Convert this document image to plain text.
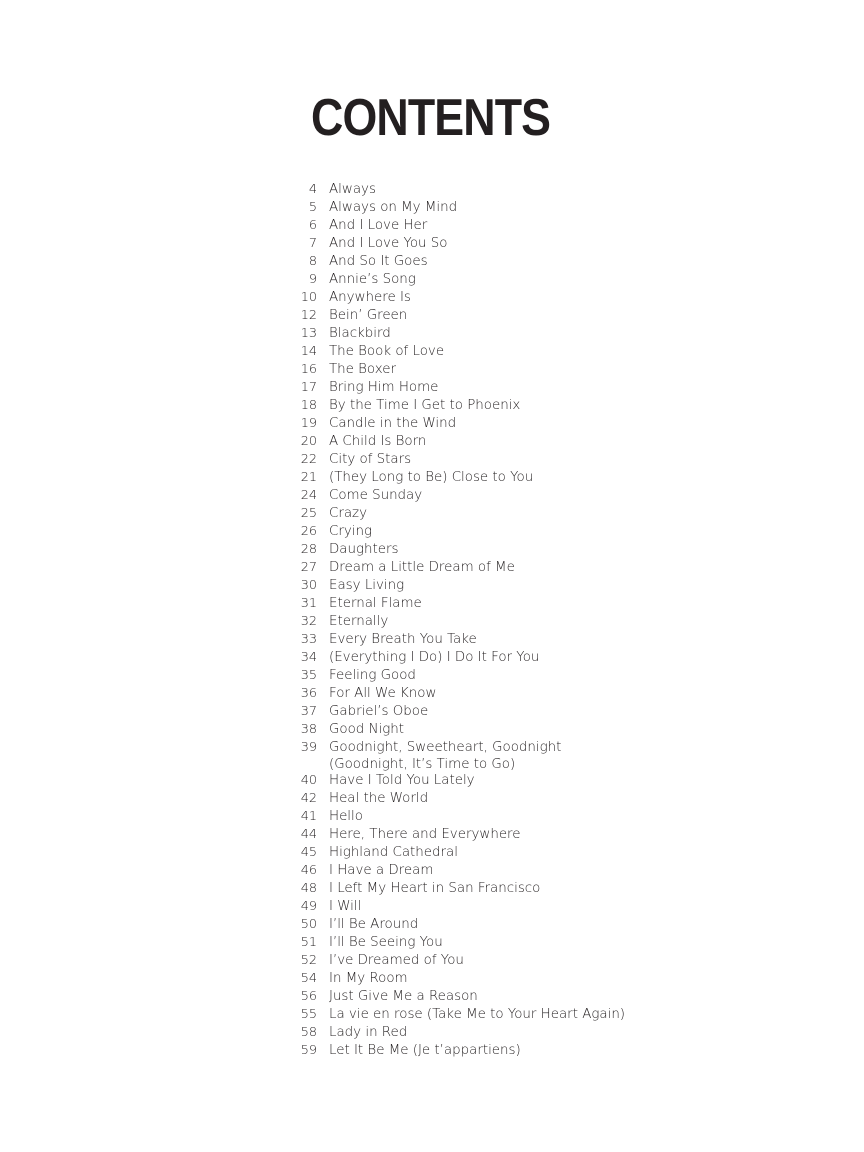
CONTENTS
4 Always
5 Always on My Mind
6 And I Love Her
7 And I Love You So
8 And So It Goes
9 Annie’s Song
10 Anywhere Is
12 Bein’ Green
13 Blackbird
14 The Book of Love
16 The Boxer
17 Bring Him Home
18 By the Time I Get to Phoenix
19 Candle in the Wind
20 A Child Is Born
22 City of Stars
21 (They Long to Be) Close to You
24 Come Sunday
25 Crazy
26 Crying
28 Daughters
27 Dream a Little Dream of Me
30 Easy Living
31 Eternal Flame
32 Eternally
33 Every Breath You Take
34 (Everything I Do) I Do It For You
35 Feeling Good
36 For All We Know
37 Gabriel’s Oboe
38 Good Night
39 Goodnight, Sweetheart, Goodnight
(Goodnight, It’s Time to Go)
40 Have I Told You Lately
42 Heal the World
41 Hello
44 Here, There and Everywhere
45 Highland Cathedral
46 I Have a Dream
48 I Left My Heart in San Francisco
49 I Will
50 I’ll Be Around
51 I’ll Be Seeing You
52 I’ve Dreamed of You
54 In My Room
56 Just Give Me a Reason
55 La vie en rose (Take Me to Your Heart Again)
58 Lady in Red
59 Let It Be Me (Je t’appartiens)
